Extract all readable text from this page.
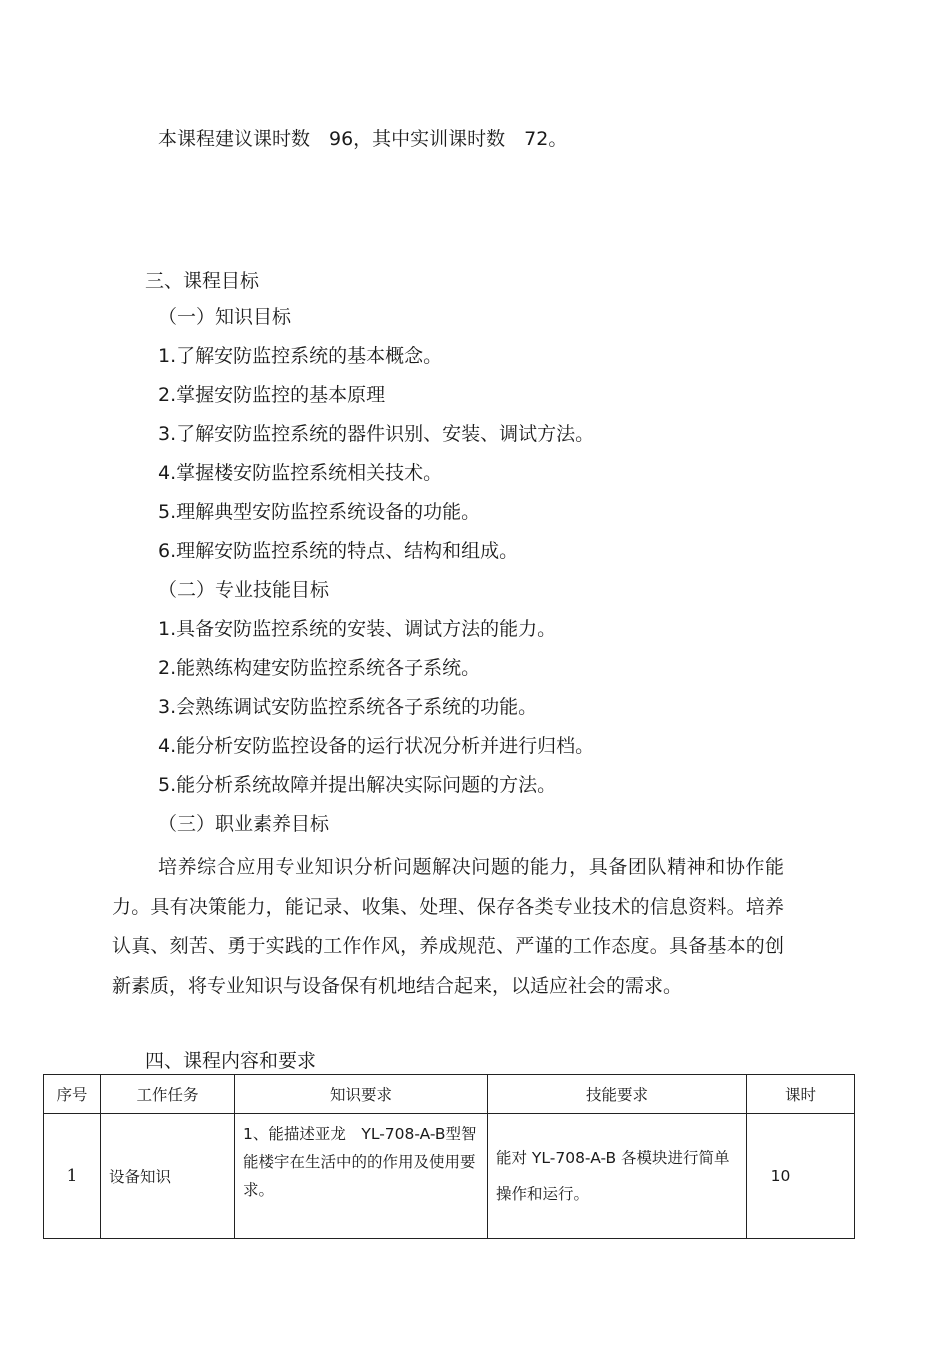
本课程建议课时数　96，其中实训课时数　72。
三、课程目标
（一）知识目标
1.了解安防监控系统的基本概念。
2.掌握安防监控的基本原理
3.了解安防监控系统的器件识别、安装、调试方法。
4.掌握楼安防监控系统相关技术。
5.理解典型安防监控系统设备的功能。
6.理解安防监控系统的特点、结构和组成。
（二）专业技能目标
1.具备安防监控系统的安装、调试方法的能力。
2.能熟练构建安防监控系统各子系统。
3.会熟练调试安防监控系统各子系统的功能。
4.能分析安防监控设备的运行状况分析并进行归档。
5.能分析系统故障并提出解决实际问题的方法。
（三）职业素养目标
培养综合应用专业知识分析问题解决问题的能力，具备团队精神和协作能力。具有决策能力，能记录、收集、处理、保存各类专业技术的信息资料。培养认真、刻苦、勇于实践的工作作风，养成规范、严谨的工作态度。具备基本的创新素质，将专业知识与设备保有机地结合起来，以适应社会的需求。
四、课程内容和要求
序号	工作任务	知识要求	技能要求	课时
1	设备知识	1、能描述亚龙　YL-708-A-B型智能楼宇在生活中的的作用及使用要求。	能对 YL-708-A-B 各模块进行简单操作和运行。	10
